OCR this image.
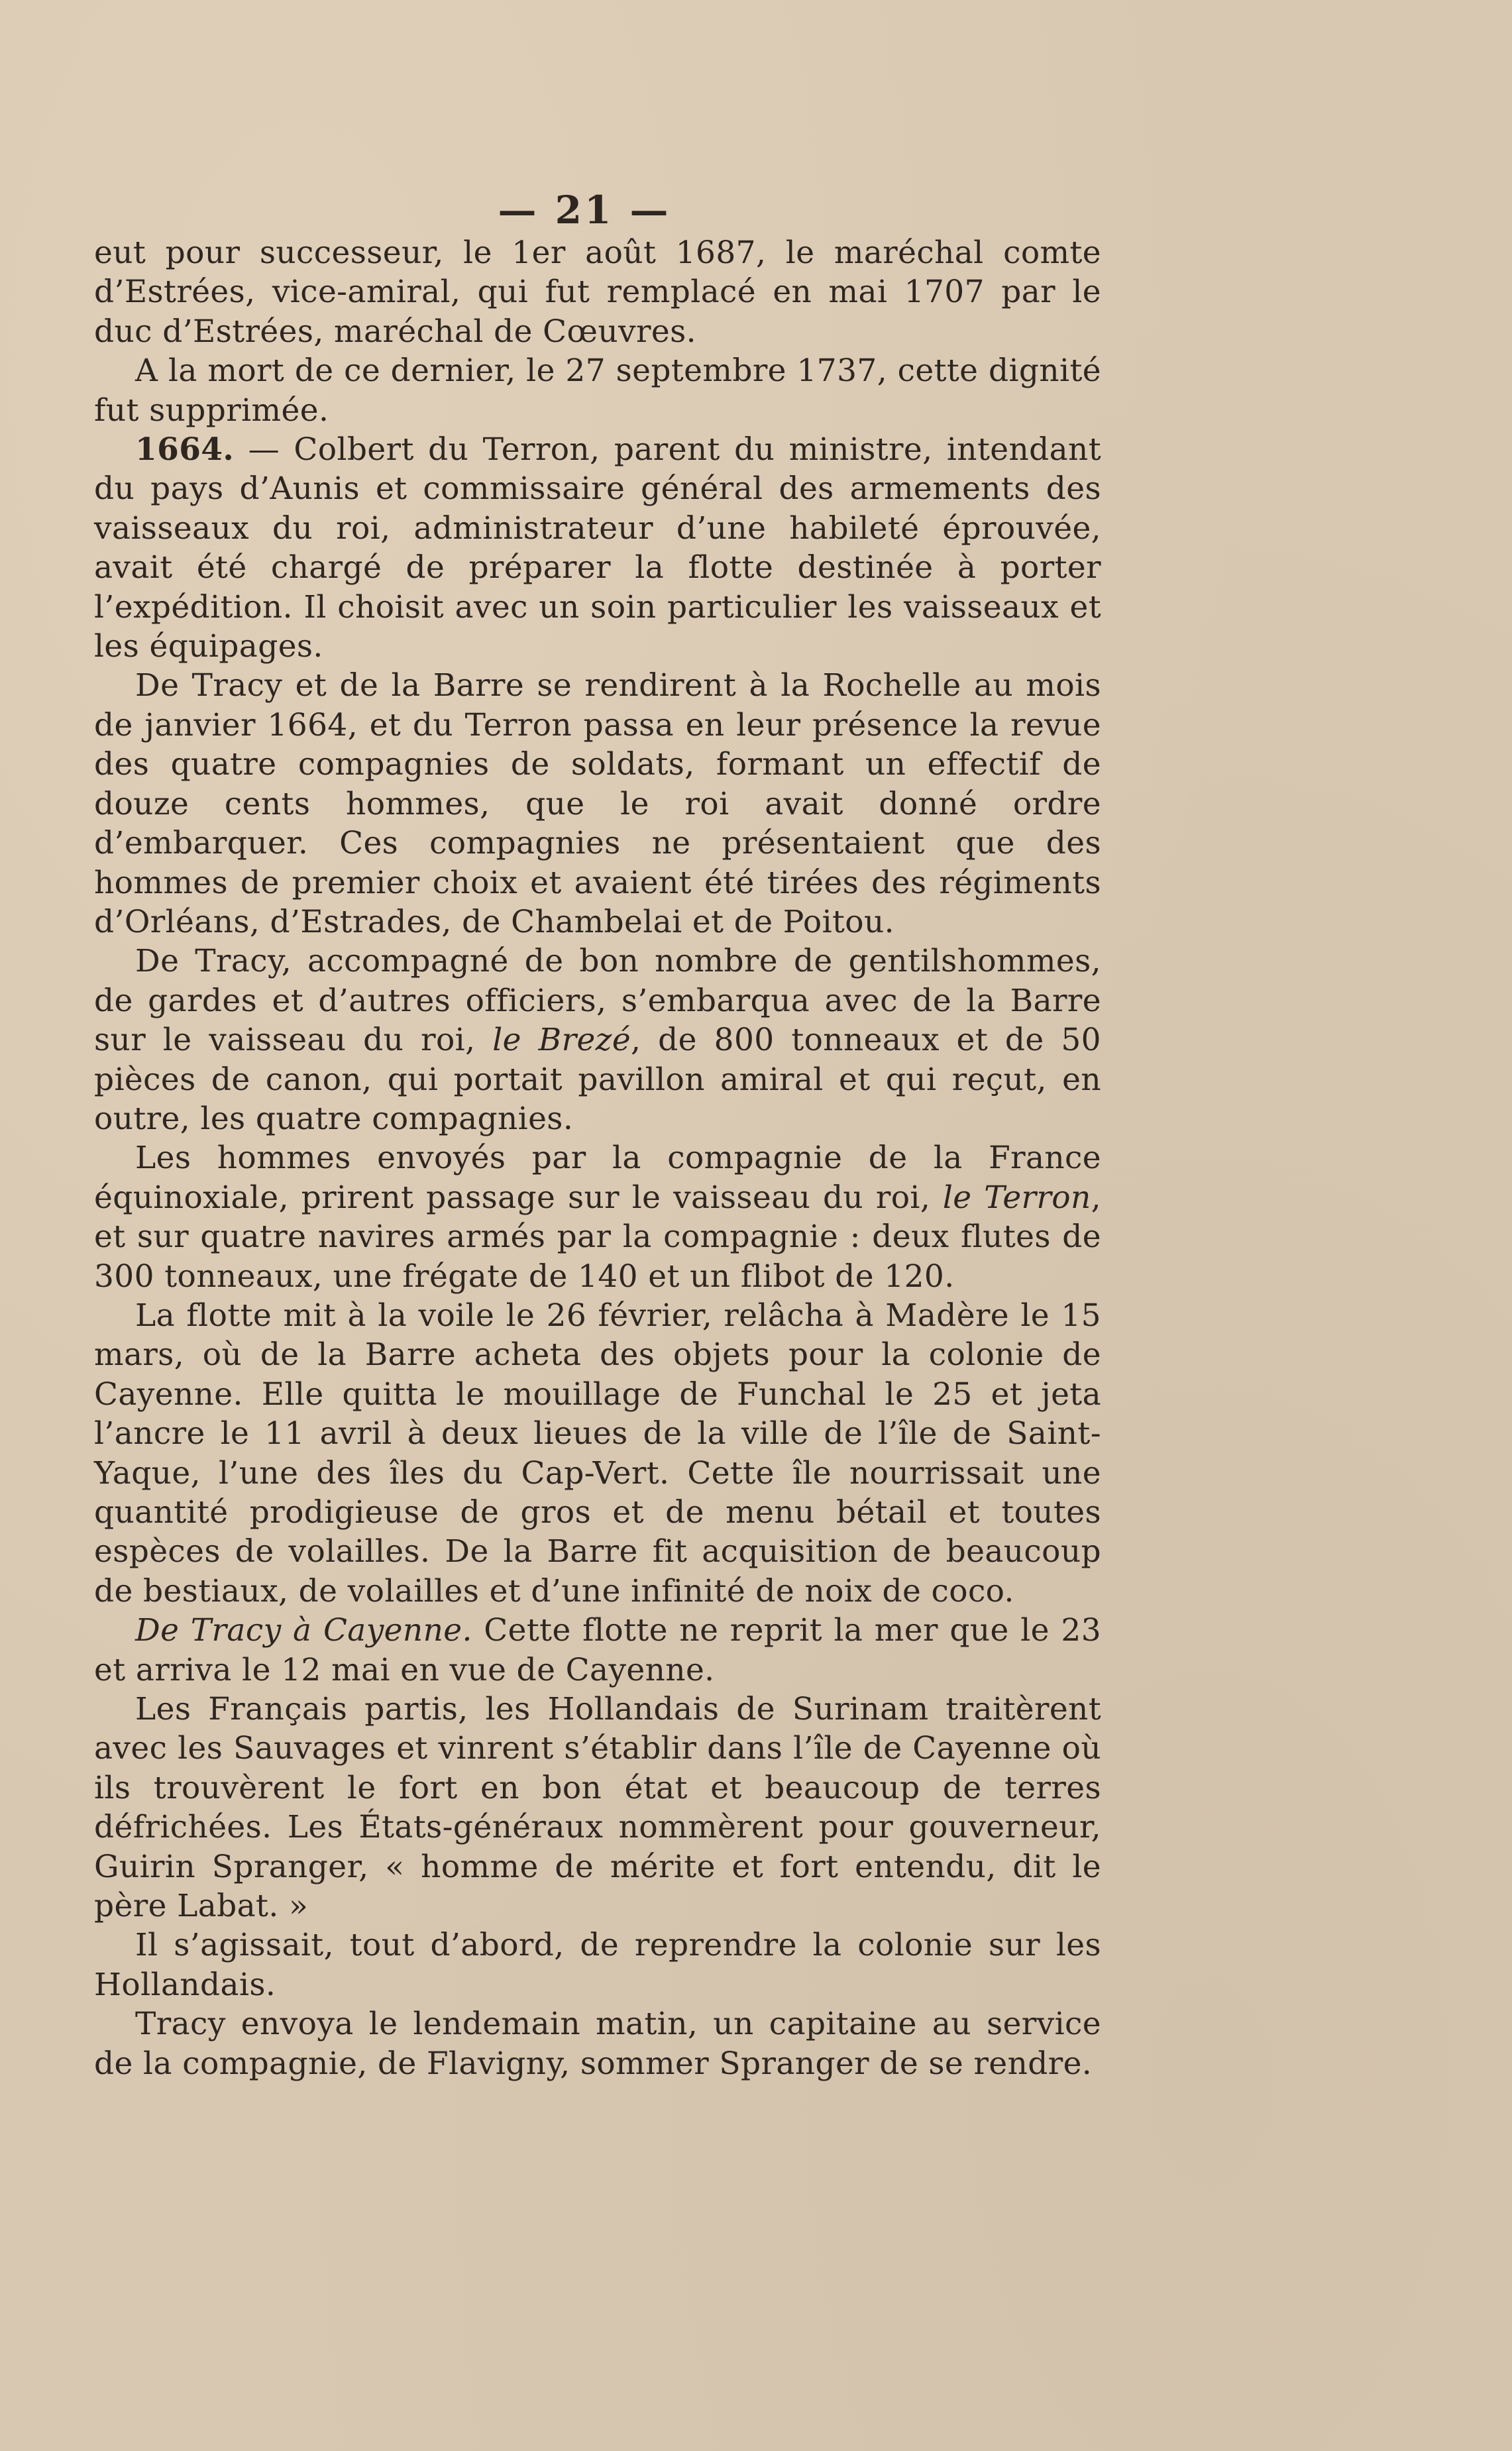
— 21 —

eut pour successeur, le 1er août 1687, le maréchal comte d’Estrées, vice-amiral, qui fut remplacé en mai 1707 par le duc d’Estrées, maréchal de Cœuvres.

A la mort de ce dernier, le 27 septembre 1737, cette dignité fut supprimée.

1664. — Colbert du Terron, parent du ministre, intendant du pays d’Aunis et commissaire général des armements des vaisseaux du roi, administrateur d’une habileté éprouvée, avait été chargé de préparer la flotte destinée à porter l’expédition. Il choisit avec un soin particulier les vaisseaux et les équipages.

De Tracy et de la Barre se rendirent à la Rochelle au mois de janvier 1664, et du Terron passa en leur présence la revue des quatre compagnies de soldats, formant un effectif de douze cents hommes, que le roi avait donné ordre d’embarquer. Ces compagnies ne présentaient que des hommes de premier choix et avaient été tirées des régiments d’Orléans, d’Estrades, de Chambelai et de Poitou.

De Tracy, accompagné de bon nombre de gentilshommes, de gardes et d’autres officiers, s’embarqua avec de la Barre sur le vaisseau du roi, le Brezé, de 800 tonneaux et de 50 pièces de canon, qui portait pavillon amiral et qui reçut, en outre, les quatre compagnies.

Les hommes envoyés par la compagnie de la France équinoxiale, prirent passage sur le vaisseau du roi, le Terron, et sur quatre navires armés par la compagnie : deux flutes de 300 tonneaux, une frégate de 140 et un flibot de 120.

La flotte mit à la voile le 26 février, relâcha à Madère le 15 mars, où de la Barre acheta des objets pour la colonie de Cayenne. Elle quitta le mouillage de Funchal le 25 et jeta l’ancre le 11 avril à deux lieues de la ville de l’île de Saint-Yaque, l’une des îles du Cap-Vert. Cette île nourrissait une quantité prodigieuse de gros et de menu bétail et toutes espèces de volailles. De la Barre fit acquisition de beaucoup de bestiaux, de volailles et d’une infinité de noix de coco.

De Tracy à Cayenne. Cette flotte ne reprit la mer que le 23 et arriva le 12 mai en vue de Cayenne.

Les Français partis, les Hollandais de Surinam traitèrent avec les Sauvages et vinrent s’établir dans l’île de Cayenne où ils trouvèrent le fort en bon état et beaucoup de terres défrichées. Les États-généraux nommèrent pour gouverneur, Guirin Spranger, « homme de mérite et fort entendu, dit le père Labat. »

Il s’agissait, tout d’abord, de reprendre la colonie sur les Hollandais.

Tracy envoya le lendemain matin, un capitaine au service de la compagnie, de Flavigny, sommer Spranger de se rendre.
